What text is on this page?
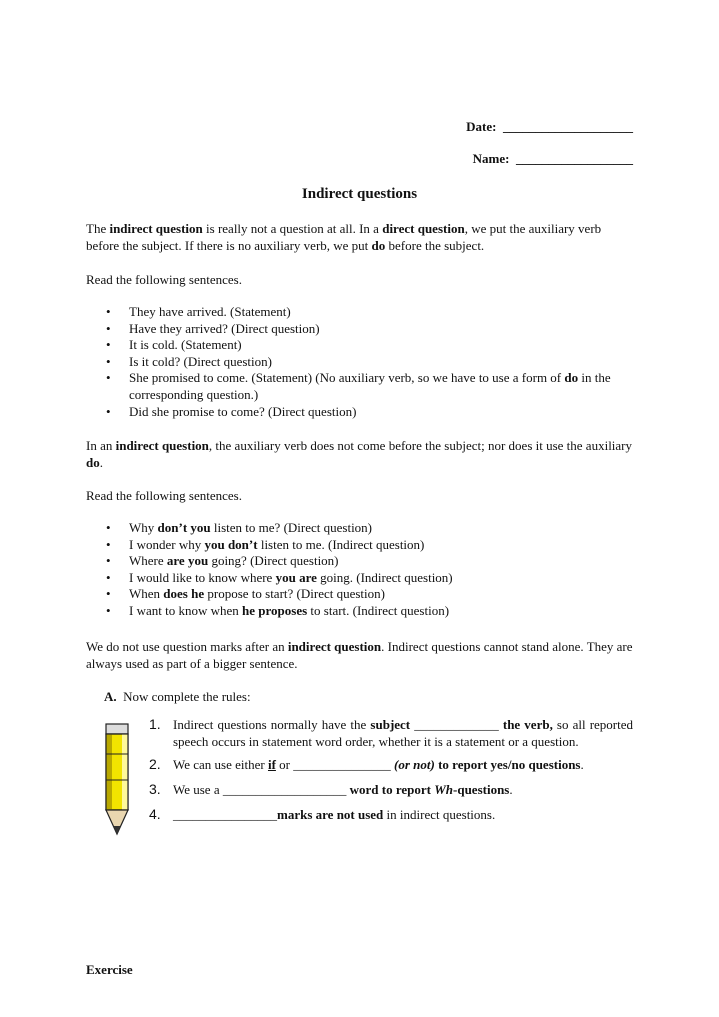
Date: ____________________
Name: __________________
Indirect questions
The indirect question is really not a question at all. In a direct question, we put the auxiliary verb before the subject. If there is no auxiliary verb, we put do before the subject.
Read the following sentences.
• They have arrived. (Statement)
• Have they arrived? (Direct question)
• It is cold. (Statement)
• Is it cold? (Direct question)
• She promised to come. (Statement) (No auxiliary verb, so we have to use a form of do in the corresponding question.)
• Did she promise to come? (Direct question)
In an indirect question, the auxiliary verb does not come before the subject; nor does it use the auxiliary do.
Read the following sentences.
• Why don’t you listen to me? (Direct question)
• I wonder why you don’t listen to me. (Indirect question)
• Where are you going? (Direct question)
• I would like to know where you are going. (Indirect question)
• When does he propose to start? (Direct question)
• I want to know when he proposes to start. (Indirect question)
We do not use question marks after an indirect question. Indirect questions cannot stand alone. They are always used as part of a bigger sentence.
A. Now complete the rules:
1. Indirect questions normally have the subject _____________ the verb, so all reported speech occurs in statement word order, whether it is a statement or a question.
2. We can use either if or _______________ (or not) to report yes/no questions.
3. We use a ___________________ word to report Wh-questions.
4. ________________marks are not used in indirect questions.
Exercise
